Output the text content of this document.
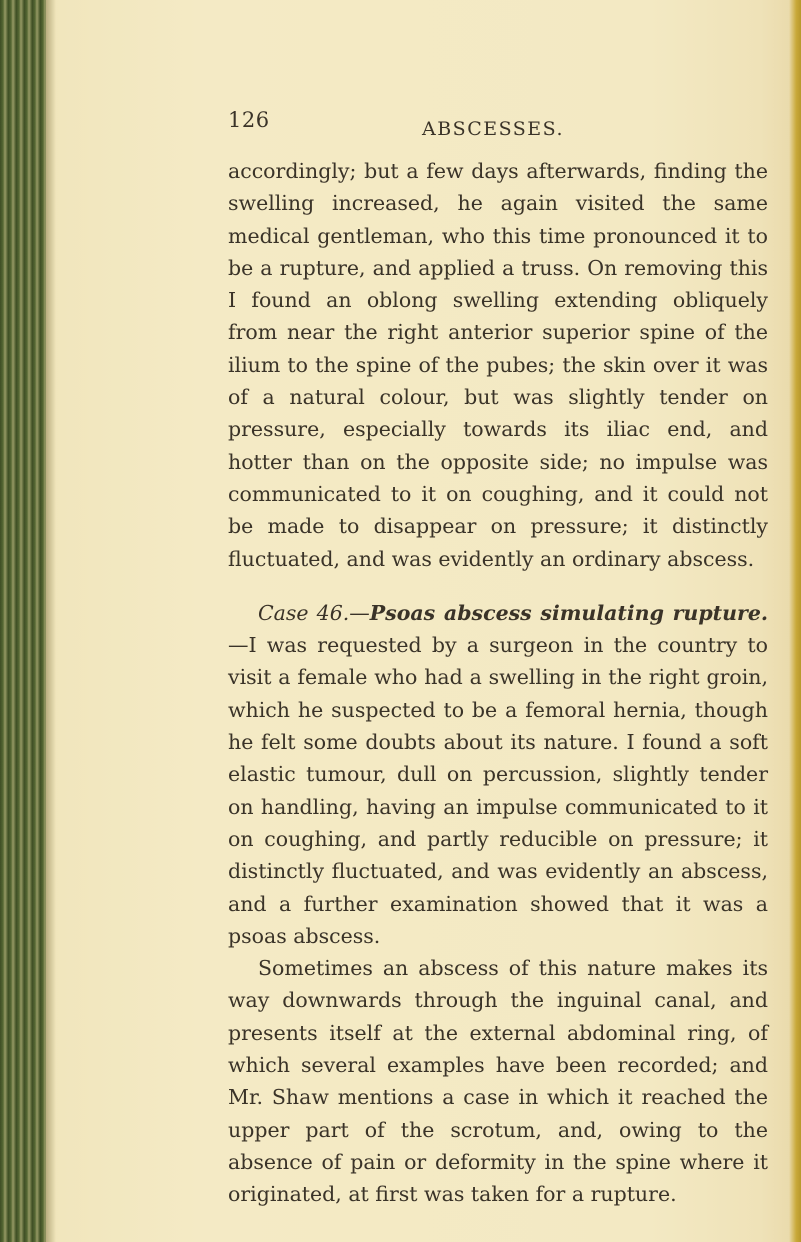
126	ABSCESSES.

accordingly; but a few days afterwards, finding the swelling increased, he again visited the same medical gentleman, who this time pronounced it to be a rupture, and applied a truss. On removing this I found an oblong swelling extending obliquely from near the right anterior superior spine of the ilium to the spine of the pubes; the skin over it was of a natural colour, but was slightly tender on pressure, especially towards its iliac end, and hotter than on the opposite side; no impulse was communicated to it on coughing, and it could not be made to disappear on pressure; it distinctly fluctuated, and was evidently an ordinary abscess.

Case 46.—Psoas abscess simulating rupture.—I was requested by a surgeon in the country to visit a female who had a swelling in the right groin, which he suspected to be a femoral hernia, though he felt some doubts about its nature. I found a soft elastic tumour, dull on percussion, slightly tender on handling, having an impulse communicated to it on coughing, and partly reducible on pressure; it distinctly fluctuated, and was evidently an abscess, and a further examination showed that it was a psoas abscess.

Sometimes an abscess of this nature makes its way downwards through the inguinal canal, and presents itself at the external abdominal ring, of which several examples have been recorded; and Mr. Shaw mentions a case in which it reached the upper part of the scrotum, and, owing to the absence of pain or deformity in the spine where it originated, at first was taken for a rupture.
